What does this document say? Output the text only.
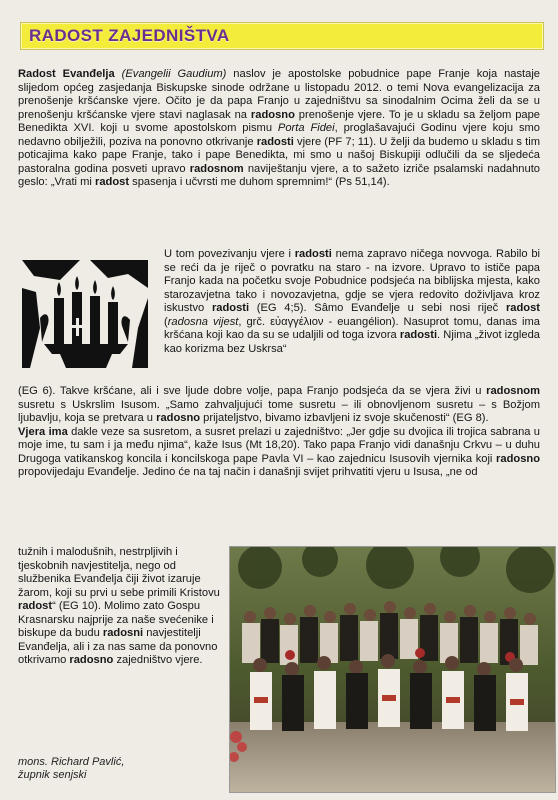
RADOST ZAJEDNIŠTVA

Radost Evanđelja (Evangelii Gaudium) naslov je apostolske pobudnice pape Franje koja nastaje slijedom općeg zasjedanja Biskupske sinode održane u listopadu 2012. o temi Nova evangelizacija za prenošenje kršćanske vjere. Očito je da papa Franjo u zajedništvu sa sinodalnim Ocima želi da se u prenošenju kršćanske vjere stavi naglasak na radosno prenošenje vjere. To je u skladu sa željom pape Benedikta XVI. koji u svome apostolskom pismu Porta Fidei, proglašavajući Godinu vjere koju smo nedavno obilježili, poziva na ponovno otkrivanje radosti vjere (PF 7; 11). U želji da budemo u skladu s tim poticajima kako pape Franje, tako i pape Benedikta, mi smo u našoj Biskupiji odlučili da se sljedeća pastoralna godina posveti upravo radosnom naviještanju vjere, a to sažeto izriče psalamski nadahnuto geslo: „Vrati mi radost spasenja i učvrsti me duhom spremnim!“ (Ps 51,14).

U tom povezivanju vjere i radosti nema zapravo ničega novvoga. Rabilo bi se reći da je riječ o povratku na staro - na izvore. Upravo to ističe papa Franjo kada na početku svoje Pobudnice podsjeća na biblijska mjesta, kako starozavjetna tako i novozavjetna, gdje se vjera redovito doživljava kroz iskustvo radosti (EG 4;5). Sâmo Evanđelje u sebi nosi riječ radost (radosna vijest, grč. εὐαγγέλιον - euangélion). Nasuprot tomu, danas ima kršćana koji kao da su se udaljili od toga izvora radosti. Njima „život izgleda kao korizma bez Uskrsa“

(EG 6). Takve kršćane, ali i sve ljude dobre volje, papa Franjo podsjeća da se vjera živi u radosnom susretu s Uskrslim Isusom. „Samo zahvaljujući tome susretu – ili obnovljenom susretu – s Božjom ljubavlju, koja se pretvara u radosno prijateljstvo, bivamo izbavljeni iz svoje skučenosti“ (EG 8).

Vjera ima dakle veze sa susretom, a susret prelazi u zajedništvo: „Jer gdje su dvojica ili trojica sabrana u moje ime, tu sam i ja među njima“, kaže Isus (Mt 18,20). Tako papa Franjo vidi današnju Crkvu – u duhu Drugoga vatikanskog koncila i koncilskoga pape Pavla VI – kao zajednicu Isusovih vjernika koji radosno propovijedaju Evanđelje. Jedino će na taj način i današnji svijet prihvatiti vjeru u Isusa, „ne od

tužnih i malodušnih, nestrpljivih i tjeskobnih navjestitelja, nego od službenika Evanđelja čiji život izaruje žarom, koji su prvi u sebe primili Kristovu radost“ (EG 10). Molimo zato Gospu Krasnarsku najprije za naše svećenike i biskupe da budu radosni navjestitelji Evanđelja, ali i za nas same da ponovno otkrivamo radosno zajedništvo vjere.

mons. Richard Pavlić,
župnik senjski
